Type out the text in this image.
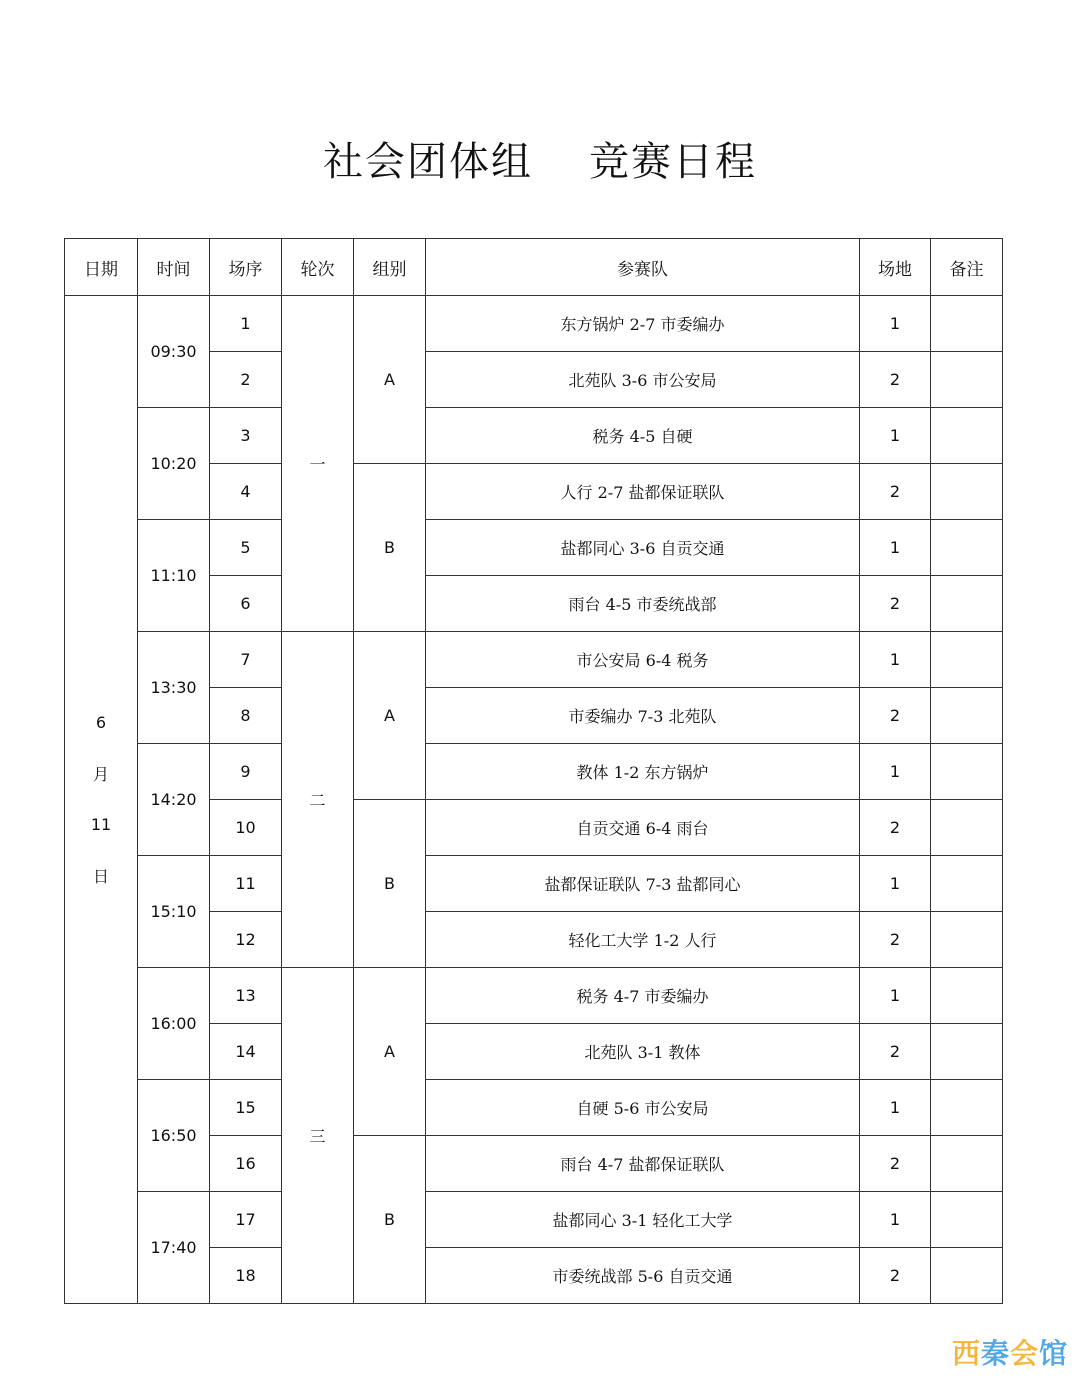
社会团体组 竞赛日程
日期	时间	场序	轮次	组别	参赛队	场地	备注

6
月
11
日	09:30	1	一	A	东方锅炉 2-7 市委编办	1	
		2			北苑队 3-6 市公安局	2	
	10:20	3			税务 4-5 自硬	1	
		4		B	人行 2-7 盐都保证联队	2	
	11:10	5			盐都同心 3-6 自贡交通	1	
		6			雨台 4-5 市委统战部	2	
	13:30	7	二	A	市公安局 6-4 税务	1	
		8			市委编办 7-3 北苑队	2	
	14:20	9			教体 1-2 东方锅炉	1	
		10		B	自贡交通 6-4 雨台	2	
	15:10	11			盐都保证联队 7-3 盐都同心	1	
		12			轻化工大学 1-2 人行	2	
	16:00	13	三	A	税务 4-7 市委编办	1	
		14			北苑队 3-1 教体	2	
	16:50	15			自硬 5-6 市公安局	1	
		16		B	雨台 4-7 盐都保证联队	2	
	17:40	17			盐都同心 3-1 轻化工大学	1	
		18			市委统战部 5-6 自贡交通	2	
西秦会馆
